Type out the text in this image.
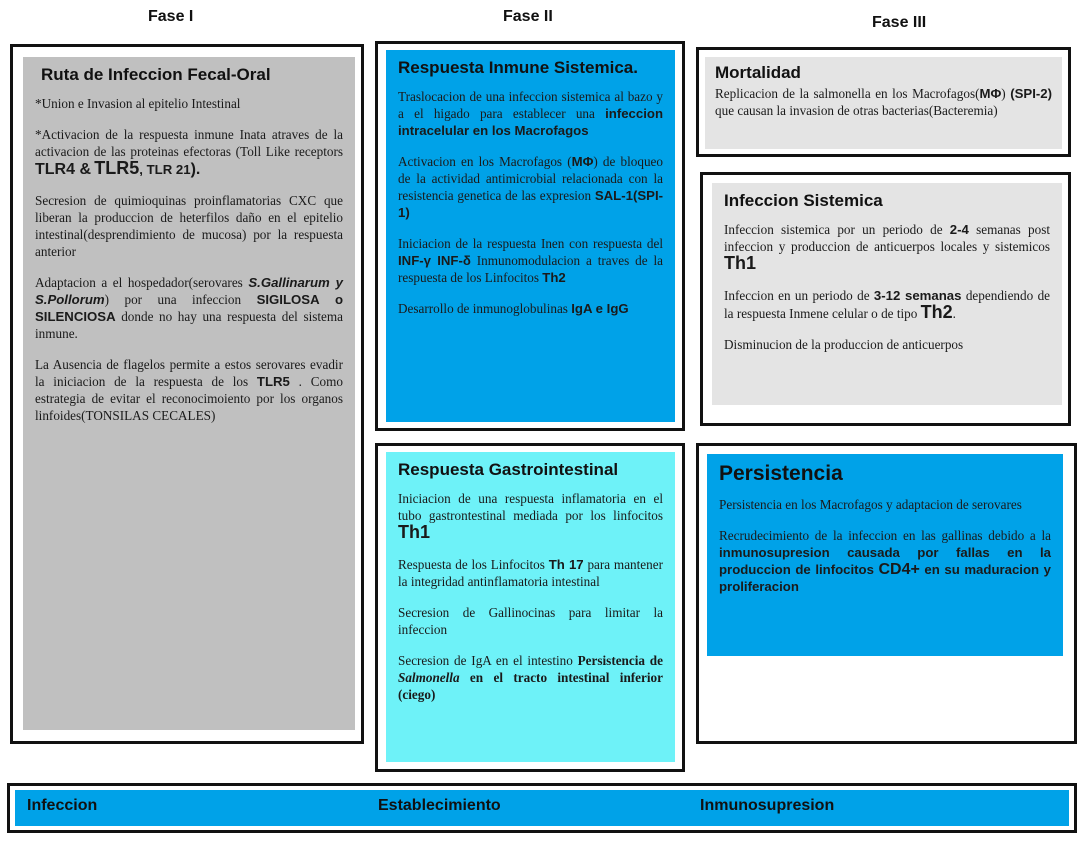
Fase I	Fase II	Fase III
Ruta de Infeccion Fecal-Oral

*Union e Invasion al epitelio Intestinal

*Activacion de la respuesta inmune Inata atraves de la activacion de las proteinas efectoras (Toll Like receptors TLR4 & TLR5, TLR 21).

Secresion de quimioquinas proinflamatorias CXC que liberan la produccion de heterfilos daño en el epitelio intestinal(desprendimiento de mucosa) por la respuesta anterior

Adaptacion a el hospedador(serovares S.Gallinarum y S.Pollorum) por una infeccion SIGILOSA o SILENCIOSA donde no hay una respuesta del sistema inmune.

La Ausencia de flagelos permite a estos serovares evadir la iniciacion de la respuesta de los TLR5 . Como estrategia de evitar el reconocimoiento por los organos linfoides(TONSILAS CECALES)

Respuesta Inmune Sistemica.

Traslocacion de una infeccion sistemica al bazo y a el higado para establecer una infeccion intracelular en los Macrofagos

Activacion en los Macrofagos (MΦ) de bloqueo de la actividad antimicrobial relacionada con la resistencia genetica de las expresion SAL-1(SPI-1)

Iniciacion de la respuesta Inen con respuesta del INF-γ INF-δ Inmunomodulacion a traves de la respuesta de los Linfocitos Th2

Desarrollo de inmunoglobulinas IgA e IgG

Respuesta Gastrointestinal

Iniciacion de una respuesta inflamatoria en el tubo gastrontestinal mediada por los linfocitos Th1

Respuesta de los Linfocitos Th 17 para mantener la integridad antinflamatoria intestinal

Secresion de Gallinocinas para limitar la infeccion

Secresion de IgA en el intestino Persistencia de Salmonella en el tracto intestinal inferior (ciego)

Mortalidad

Replicacion de la salmonella en los Macrofagos(MΦ) (SPI-2) que causan la invasion de otras bacterias(Bacteremia)

Infeccion Sistemica

Infeccion sistemica por un periodo de 2-4 semanas post infeccion y produccion de anticuerpos locales y sistemicos Th1

Infeccion en un periodo de 3-12 semanas dependiendo de la respuesta Inmene celular o de tipo Th2.

Disminucion de la produccion de anticuerpos

Persistencia

Persistencia en los Macrofagos y adaptacion de serovares

Recrudecimiento de la infeccion en las gallinas debido a la inmunosupresion causada por fallas en la produccion de linfocitos CD4+ en su maduracion y proliferacion

Infeccion	Establecimiento	Inmunosupresion
